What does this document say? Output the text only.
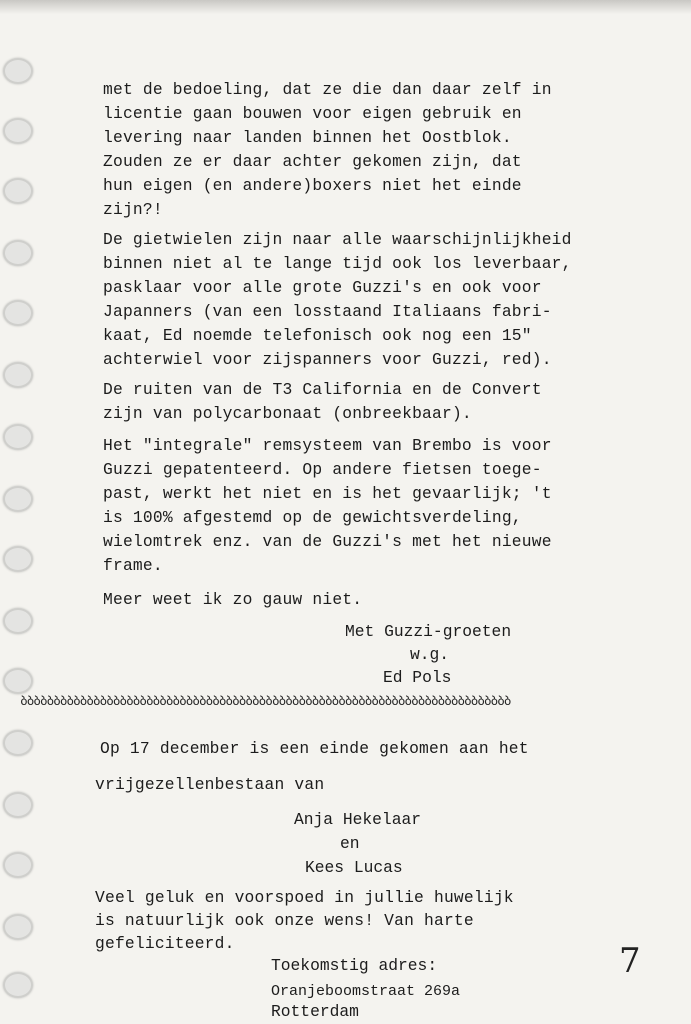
met de bedoeling, dat ze die dan daar zelf in
licentie gaan bouwen voor eigen gebruik en
levering naar landen binnen het Oostblok.
Zouden ze er daar achter gekomen zijn, dat
hun eigen (en andere)boxers niet het einde
zijn?!
De gietwielen zijn naar alle waarschijnlijkheid
binnen niet al te lange tijd ook los leverbaar,
pasklaar voor alle grote Guzzi's en ook voor
Japanners (van een losstaand Italiaans fabri-
kaat, Ed noemde telefonisch ook nog een 15"
achterwiel voor zijspanners voor Guzzi, red).
De ruiten van de T3 California en de Convert
zijn van polycarbonaat (onbreekbaar).
Het "integrale" remsysteem van Brembo is voor
Guzzi gepatenteerd. Op andere fietsen toege-
past, werkt het niet en is het gevaarlijk; 't
is 100% afgestemd op de gewichtsverdeling,
wielomtrek enz. van de Guzzi's met het nieuwe
frame.
Meer weet ik zo gauw niet.
Met Guzzi-groeten
w.g.
Ed Pols
ბბბბბბბბბბბბბბბბბბბბბბბბბბბბბბბბბბბბბბბბბბბბბბბბბბბბბბბბბბბბბბბბბბბბბბბბბბ
Op 17 december is een einde gekomen aan het
vrijgezellenbestaan van
Anja Hekelaar
en
Kees Lucas
Veel geluk en voorspoed in jullie huwelijk
is natuurlijk ook onze wens! Van harte
gefeliciteerd.
Toekomstig adres:
Oranjeboomstraat 269a
Rotterdam
7
